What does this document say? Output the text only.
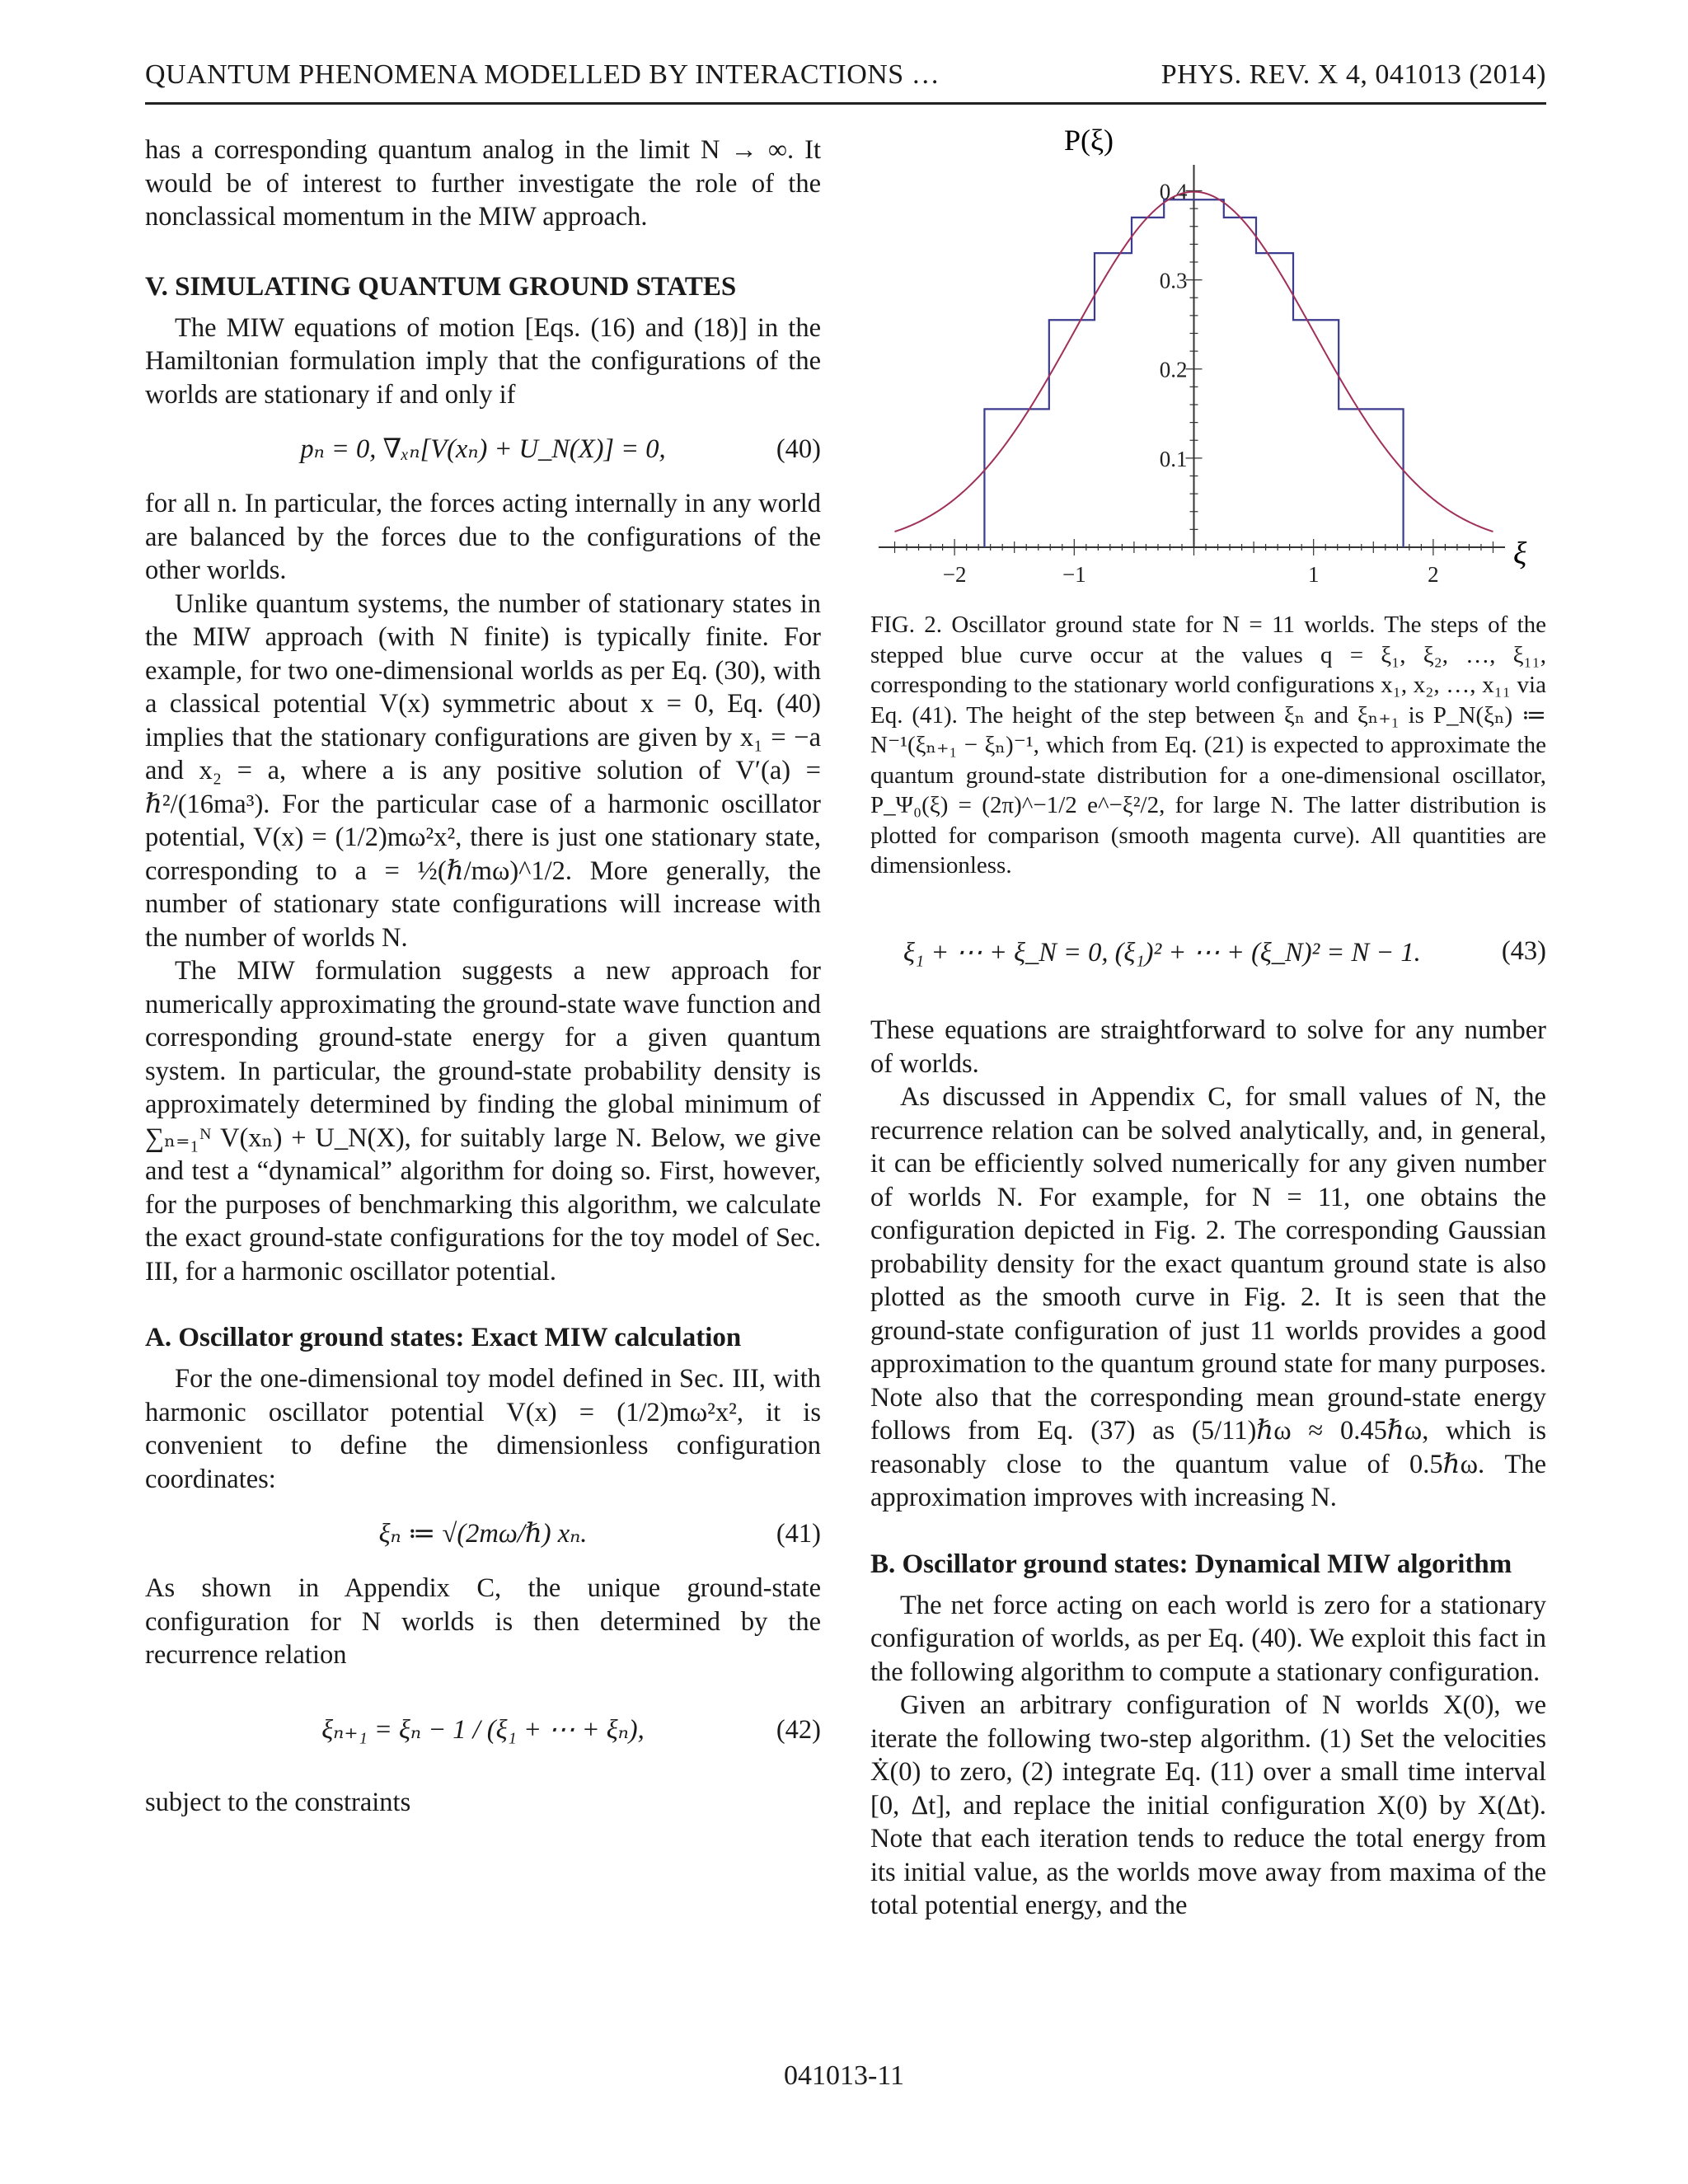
QUANTUM PHENOMENA MODELLED BY INTERACTIONS …	PHYS. REV. X 4, 041013 (2014)

has a corresponding quantum analog in the limit N → ∞. It would be of interest to further investigate the role of the nonclassical momentum in the MIW approach.

V. SIMULATING QUANTUM GROUND STATES

The MIW equations of motion [Eqs. (16) and (18)] in the Hamiltonian formulation imply that the configurations of the worlds are stationary if and only if

pₙ = 0, ∇ₓₙ[V(xₙ) + U_N(X)] = 0,	(40)

for all n. In particular, the forces acting internally in any world are balanced by the forces due to the configurations of the other worlds.

Unlike quantum systems, the number of stationary states in the MIW approach (with N finite) is typically finite. For example, for two one-dimensional worlds as per Eq. (30), with a classical potential V(x) symmetric about x = 0, Eq. (40) implies that the stationary configurations are given by x₁ = −a and x₂ = a, where a is any positive solution of V′(a) = ℏ²/(16ma³). For the particular case of a harmonic oscillator potential, V(x) = (1/2)mω²x², there is just one stationary state, corresponding to a = ½(ℏ/mω)^1/2. More generally, the number of stationary state configurations will increase with the number of worlds N.

The MIW formulation suggests a new approach for numerically approximating the ground-state wave function and corresponding ground-state energy for a given quantum system. In particular, the ground-state probability density is approximately determined by finding the global minimum of ∑ₙ₌₁ᴺ V(xₙ) + U_N(X), for suitably large N. Below, we give and test a “dynamical” algorithm for doing so. First, however, for the purposes of benchmarking this algorithm, we calculate the exact ground-state configurations for the toy model of Sec. III, for a harmonic oscillator potential.

A. Oscillator ground states: Exact MIW calculation

For the one-dimensional toy model defined in Sec. III, with harmonic oscillator potential V(x) = (1/2)mω²x², it is convenient to define the dimensionless configuration coordinates:

ξₙ ≔ √(2mω/ℏ) xₙ.	(41)

As shown in Appendix C, the unique ground-state configuration for N worlds is then determined by the recurrence relation

ξₙ₊₁ = ξₙ − 1 / (ξ₁ + ⋯ + ξₙ),	(42)

subject to the constraints

P(ξ)
ξ
−2	−1	1	2
0.1
0.2
0.3
0.4
FIG. 2. Oscillator ground state for N = 11 worlds. The steps of the stepped blue curve occur at the values q = ξ₁, ξ₂, …, ξ₁₁, corresponding to the stationary world configurations x₁, x₂, …, x₁₁ via Eq. (41). The height of the step between ξₙ and ξₙ₊₁ is P_N(ξₙ) ≔ N⁻¹(ξₙ₊₁ − ξₙ)⁻¹, which from Eq. (21) is expected to approximate the quantum ground-state distribution for a one-dimensional oscillator, P_Ψ₀(ξ) = (2π)^−1/2 e^−ξ²/2, for large N. The latter distribution is plotted for comparison (smooth magenta curve). All quantities are dimensionless.
ξ₁ + ⋯ + ξ_N = 0, (ξ₁)² + ⋯ + (ξ_N)² = N − 1.	(43)

These equations are straightforward to solve for any number of worlds.

As discussed in Appendix C, for small values of N, the recurrence relation can be solved analytically, and, in general, it can be efficiently solved numerically for any given number of worlds N. For example, for N = 11, one obtains the configuration depicted in Fig. 2. The corresponding Gaussian probability density for the exact quantum ground state is also plotted as the smooth curve in Fig. 2. It is seen that the ground-state configuration of just 11 worlds provides a good approximation to the quantum ground state for many purposes. Note also that the corresponding mean ground-state energy follows from Eq. (37) as (5/11)ℏω ≈ 0.45ℏω, which is reasonably close to the quantum value of 0.5ℏω. The approximation improves with increasing N.

B. Oscillator ground states: Dynamical MIW algorithm

The net force acting on each world is zero for a stationary configuration of worlds, as per Eq. (40). We exploit this fact in the following algorithm to compute a stationary configuration.

Given an arbitrary configuration of N worlds X(0), we iterate the following two-step algorithm. (1) Set the velocities Ẋ(0) to zero, (2) integrate Eq. (11) over a small time interval [0, Δt], and replace the initial configuration X(0) by X(Δt). Note that each iteration tends to reduce the total energy from its initial value, as the worlds move away from maxima of the total potential energy, and the

041013-11
